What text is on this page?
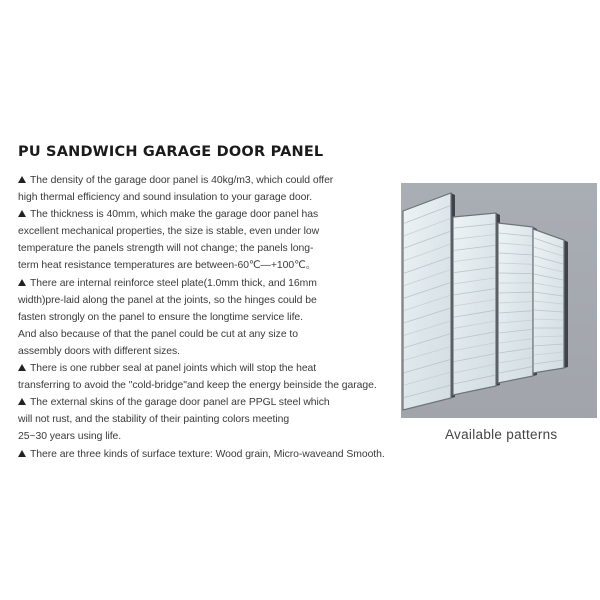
PU SANDWICH GARAGE DOOR PANEL
The density of the garage door panel is 40kg/m3, which could offer
high thermal efficiency and sound insulation to your garage door.
The thickness is 40mm, which make the garage door panel has
excellent mechanical properties, the size is stable, even under low
temperature the panels strength will not change; the panels long-
term heat resistance temperatures are between-60℃—+100℃。
There are internal reinforce steel plate(1.0mm thick, and 16mm
width)pre-laid along the panel at the joints, so the hinges could be
fasten strongly on the panel to ensure the longtime service life.
And also because of that the panel could be cut at any size to
assembly doors with different sizes.
There is one rubber seal at panel joints which will stop the heat
transferring to avoid the "cold-bridge"and keep the energy beinside the garage.
The external skins of the garage door panel are PPGL steel which
will not rust, and the stability of their painting colors meeting
25~30 years using life.
There are three kinds of surface texture: Wood grain, Micro-waveand Smooth.
Available patterns
